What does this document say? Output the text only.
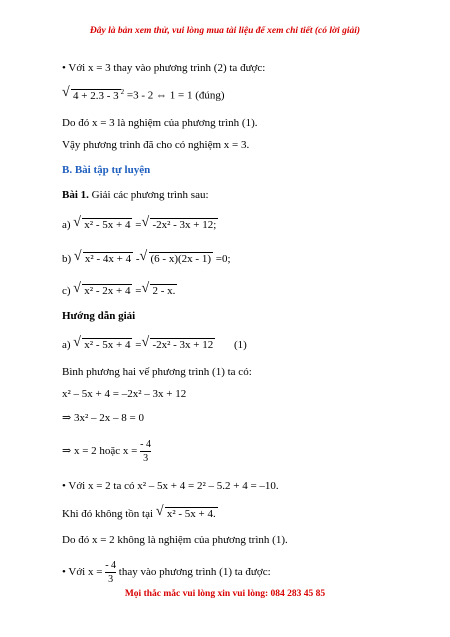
Đây là bản xem thử, vui lòng mua tài liệu để xem chi tiết (có lời giải)
• Với x = 3 thay vào phương trình (2) ta được:
√ 4 + 2.3 - 3 $^2$ =3 - 2 ⇔ 1 = 1 (đúng)
Do đó x = 3 là nghiệm của phương trình (1).
Vậy phương trình đã cho có nghiệm x = 3.
B. Bài tập tự luyện
Bài 1. Giải các phương trình sau:
a) √ x² - 5x + 4 = √ -2x² - 3x + 12;
b) √ x² - 4x + 4 - √ (6 - x)(2x - 1) =0;
c) √ x² - 2x + 4 = √ 2 - x.
Hướng dẫn giải
a) √ x² - 5x + 4 = √ -2x² - 3x + 12 (1)
Bình phương hai vế phương trình (1) ta có:
x² – 5x + 4 = –2x² – 3x + 12
⇒ 3x² – 2x – 8 = 0
⇒ x = 2 hoặc $x = \frac{- 4}{3}$
• Với x = 2 ta có x² – 5x + 4 = 2² – 5.2 + 4 = –10.
Khi đó không tồn tại √ x² - 5x + 4.
Do đó x = 2 không là nghiệm của phương trình (1).
• Với $x = \frac{- 4}{3}$ thay vào phương trình (1) ta được:
Mọi thắc mắc vui lòng xin vui lòng: 084 283 45 85
